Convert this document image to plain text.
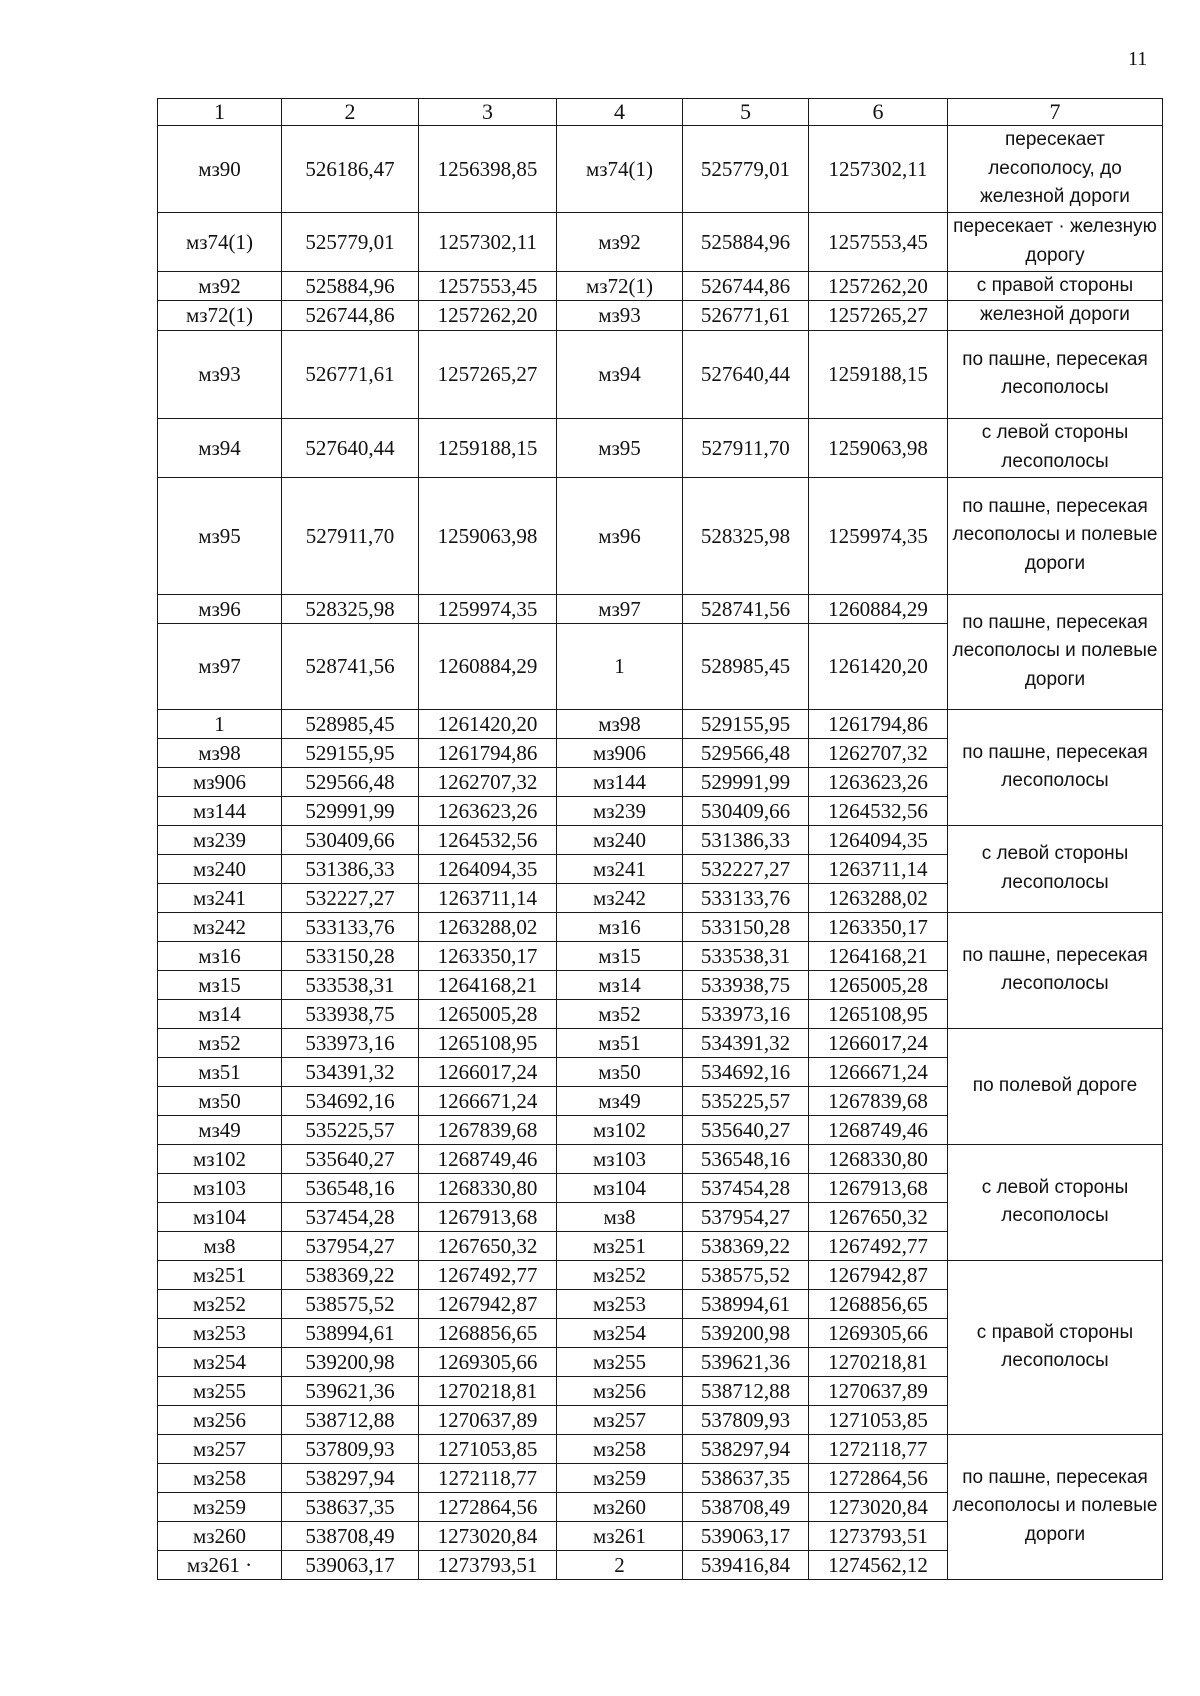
11
1	2	3	4	5	6	7
мз90	526186,47	1256398,85	мз74(1)	525779,01	1257302,11	пересекает лесополосу, до железной дороги
мз74(1)	525779,01	1257302,11	мз92	525884,96	1257553,45	пересекает · железную дорогу
мз92	525884,96	1257553,45	мз72(1)	526744,86	1257262,20	с правой стороны
мз72(1)	526744,86	1257262,20	мз93	526771,61	1257265,27	железной дороги
мз93	526771,61	1257265,27	мз94	527640,44	1259188,15	по пашне, пересекая лесополосы
мз94	527640,44	1259188,15	мз95	527911,70	1259063,98	с левой стороны лесополосы
мз95	527911,70	1259063,98	мз96	528325,98	1259974,35	по пашне, пересекая лесополосы и полевые дороги
мз96	528325,98	1259974,35	мз97	528741,56	1260884,29	по пашне, пересекая лесополосы и полевые дороги
мз97	528741,56	1260884,29	1	528985,45	1261420,20	
1	528985,45	1261420,20	мз98	529155,95	1261794,86	по пашне, пересекая лесополосы
мз98	529155,95	1261794,86	мз906	529566,48	1262707,32	
мз906	529566,48	1262707,32	мз144	529991,99	1263623,26	
мз144	529991,99	1263623,26	мз239	530409,66	1264532,56	
мз239	530409,66	1264532,56	мз240	531386,33	1264094,35	с левой стороны лесополосы
мз240	531386,33	1264094,35	мз241	532227,27	1263711,14	
мз241	532227,27	1263711,14	мз242	533133,76	1263288,02	
мз242	533133,76	1263288,02	мз16	533150,28	1263350,17	по пашне, пересекая лесополосы
мз16	533150,28	1263350,17	мз15	533538,31	1264168,21	
мз15	533538,31	1264168,21	мз14	533938,75	1265005,28	
мз14	533938,75	1265005,28	мз52	533973,16	1265108,95	
мз52	533973,16	1265108,95	мз51	534391,32	1266017,24	по полевой дороге
мз51	534391,32	1266017,24	мз50	534692,16	1266671,24	
мз50	534692,16	1266671,24	мз49	535225,57	1267839,68	
мз49	535225,57	1267839,68	мз102	535640,27	1268749,46	
мз102	535640,27	1268749,46	мз103	536548,16	1268330,80	с левой стороны лесополосы
мз103	536548,16	1268330,80	мз104	537454,28	1267913,68	
мз104	537454,28	1267913,68	мз8	537954,27	1267650,32	
мз8	537954,27	1267650,32	мз251	538369,22	1267492,77	
мз251	538369,22	1267492,77	мз252	538575,52	1267942,87	с правой стороны лесополосы
мз252	538575,52	1267942,87	мз253	538994,61	1268856,65	
мз253	538994,61	1268856,65	мз254	539200,98	1269305,66	
мз254	539200,98	1269305,66	мз255	539621,36	1270218,81	
мз255	539621,36	1270218,81	мз256	538712,88	1270637,89	
мз256	538712,88	1270637,89	мз257	537809,93	1271053,85	
мз257	537809,93	1271053,85	мз258	538297,94	1272118,77	по пашне, пересекая лесополосы и полевые дороги
мз258	538297,94	1272118,77	мз259	538637,35	1272864,56	
мз259	538637,35	1272864,56	мз260	538708,49	1273020,84	
мз260	538708,49	1273020,84	мз261	539063,17	1273793,51	
мз261 ·	539063,17	1273793,51	2	539416,84	1274562,12	
